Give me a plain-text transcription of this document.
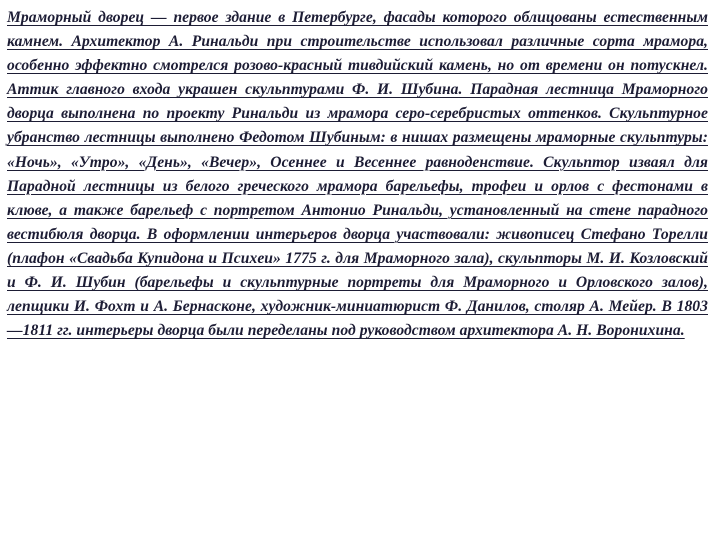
Мраморный дворец — первое здание в Петербурге, фасады которого облицованы естественным камнем. Архитектор А. Ринальди при строительстве использовал различные сорта мрамора, особенно эффектно смотрелся розово-красный тивдийский камень, но от времени он потускнел. Аттик главного входа украшен скульптурами Ф. И. Шубина. Парадная лестница Мраморного дворца выполнена по проекту Ринальди из мрамора серо-серебристых оттенков. Скульптурное убранство лестницы выполнено Федотом Шубиным: в нишах размещены мраморные скульптуры: «Ночь», «Утро», «День», «Вечер», Осеннее и Весеннее равноденствие. Скульптор изваял для Парадной лестницы из белого греческого мрамора барельефы, трофеи и орлов с фестонами в клюве, а также барельеф с портретом Антонио Ринальди, установленный на стене парадного вестибюля дворца. В оформлении интерьеров дворца участвовали: живописец Стефано Торелли (плафон «Свадьба Купидона и Психеи» 1775 г. для Мраморного зала), скульпторы М. И. Козловский и Ф. И. Шубин (барельефы и скульптурные портреты для Мраморного и Орловского залов), лепщики И. Фохт и А. Бернасконе, художник-миниатюрист Ф. Данилов, столяр А. Мейер. В 1803—1811 гг. интерьеры дворца были переделаны под руководством архитектора А. Н. Воронихина.
